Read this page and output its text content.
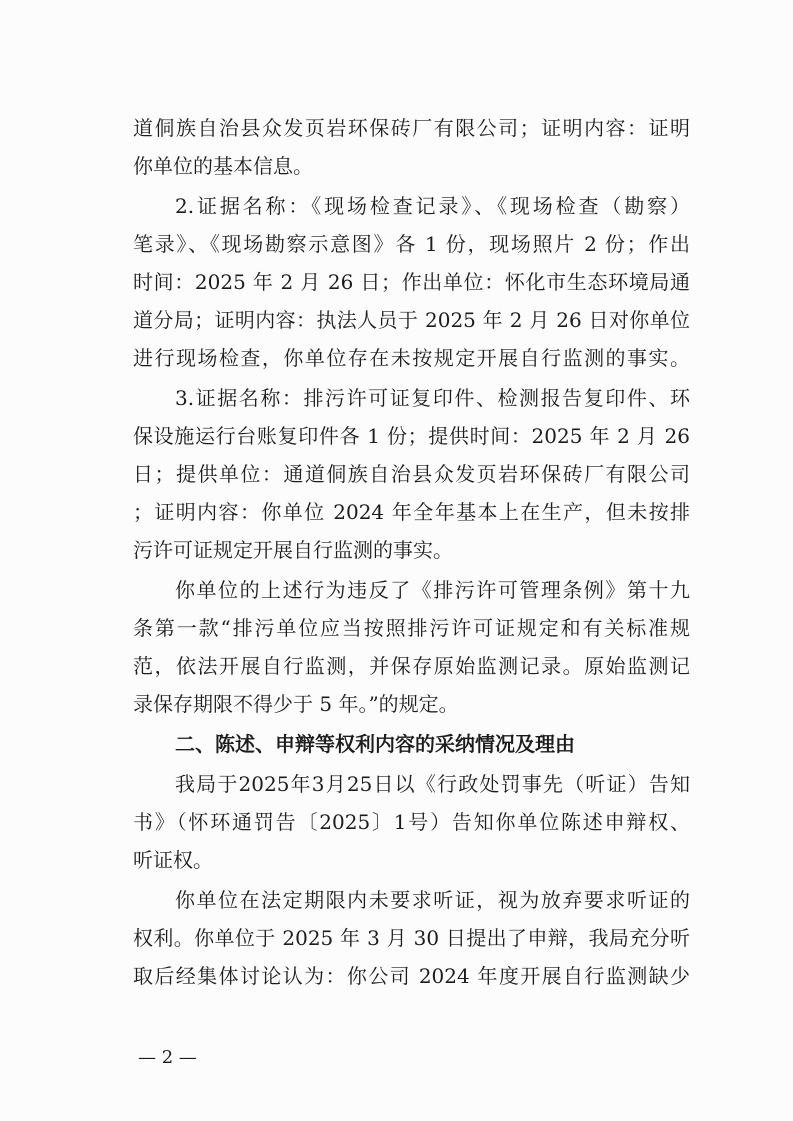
道侗族自治县众发页岩环保砖厂有限公司；证明内容：证明
你单位的基本信息。
2.证据名称：《现场检查记录》、《现场检查（勘察）
笔录》、《现场勘察示意图》各 1 份，现场照片 2 份；作出
时间：2025 年 2 月 26 日；作出单位：怀化市生态环境局通
道分局；证明内容：执法人员于 2025 年 2 月 26 日对你单位
进行现场检查，你单位存在未按规定开展自行监测的事实。
3.证据名称：排污许可证复印件、检测报告复印件、环
保设施运行台账复印件各 1 份；提供时间：2025 年 2 月 26
日；提供单位：通道侗族自治县众发页岩环保砖厂有限公司
；证明内容：你单位 2024 年全年基本上在生产，但未按排
污许可证规定开展自行监测的事实。
你单位的上述行为违反了《排污许可管理条例》第十九
条第一款“排污单位应当按照排污许可证规定和有关标准规
范，依法开展自行监测，并保存原始监测记录。原始监测记
录保存期限不得少于 5 年。”的规定。
二、陈述、申辩等权利内容的采纳情况及理由
我局于2025年3月25日以《行政处罚事先（听证）告知
书》（怀环通罚告〔2025〕1号）告知你单位陈述申辩权、
听证权。
你单位在法定期限内未要求听证，视为放弃要求听证的
权利。你单位于 2025 年 3 月 30 日提出了申辩，我局充分听
取后经集体讨论认为：你公司 2024 年度开展自行监测缺少
— 2 —
